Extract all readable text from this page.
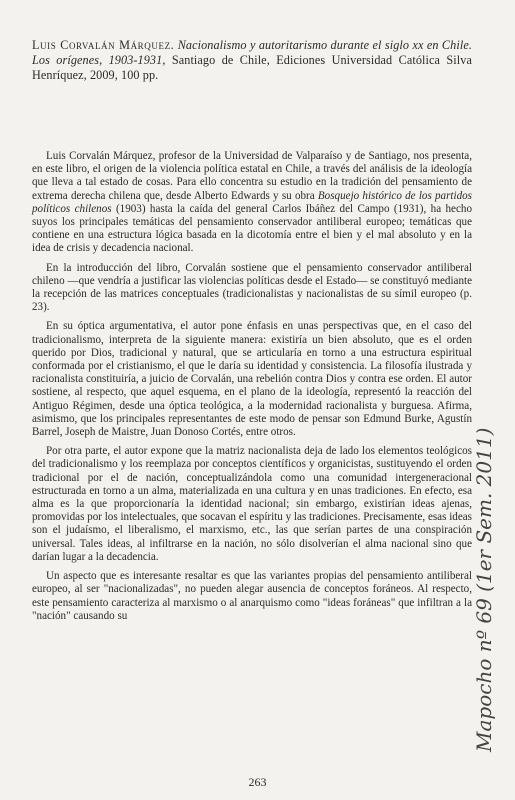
Luis Corvalán Márquez. Nacionalismo y autoritarismo durante el siglo xx en Chile. Los orígenes, 1903-1931, Santiago de Chile, Ediciones Universidad Católica Silva Henríquez, 2009, 100 pp.

Luis Corvalán Márquez, profesor de la Universidad de Valparaíso y de Santiago, nos presenta, en este libro, el origen de la violencia política estatal en Chile, a través del análisis de la ideología que lleva a tal estado de cosas. Para ello concentra su estudio en la tradición del pensamiento de extrema derecha chilena que, desde Alberto Edwards y su obra Bosquejo histórico de los partidos políticos chilenos (1903) hasta la caída del general Carlos Ibáñez del Campo (1931), ha hecho suyos los principales temáticas del pensamiento conservador antiliberal europeo; temáticas que contiene en una estructura lógica basada en la dicotomía entre el bien y el mal absoluto y en la idea de crisis y decadencia nacional.

En la introducción del libro, Corvalán sostiene que el pensamiento conservador antiliberal chileno —que vendría a justificar las violencias políticas desde el Estado— se constituyó mediante la recepción de las matrices conceptuales (tradicionalistas y nacionalistas de su símil europeo (p. 23).

En su óptica argumentativa, el autor pone énfasis en unas perspectivas que, en el caso del tradicionalismo, interpreta de la siguiente manera: existiría un bien absoluto, que es el orden querido por Dios, tradicional y natural, que se articularía en torno a una estructura espiritual conformada por el cristianismo, el que le daría su identidad y consistencia. La filosofía ilustrada y racionalista constituiría, a juicio de Corvalán, una rebelión contra Dios y contra ese orden. El autor sostiene, al respecto, que aquel esquema, en el plano de la ideología, representó la reacción del Antiguo Régimen, desde una óptica teológica, a la modernidad racionalista y burguesa. Afirma, asimismo, que los principales representantes de este modo de pensar son Edmund Burke, Agustín Barrel, Joseph de Maistre, Juan Donoso Cortés, entre otros.

Por otra parte, el autor expone que la matriz nacionalista deja de lado los elementos teológicos del tradicionalismo y los reemplaza por conceptos científicos y organicistas, sustituyendo el orden tradicional por el de nación, conceptualizándola como una comunidad intergeneracional estructurada en torno a un alma, materializada en una cultura y en unas tradiciones. En efecto, esa alma es la que proporcionaría la identidad nacional; sin embargo, existirían ideas ajenas, promovidas por los intelectuales, que socavan el espíritu y las tradiciones. Precisamente, esas ideas son el judaísmo, el liberalismo, el marxismo, etc., las que serían partes de una conspiración universal. Tales ideas, al infiltrarse en la nación, no sólo disolverían el alma nacional sino que darían lugar a la decadencia.

Un aspecto que es interesante resaltar es que las variantes propias del pensamiento antiliberal europeo, al ser "nacionalizadas", no pueden alegar ausencia de conceptos foráneos. Al respecto, este pensamiento caracteriza al marxismo o al anarquismo como "ideas foráneas" que infiltran a la "nación" causando su	Mapocho nº 69 (1er Sem. 2011)
263
